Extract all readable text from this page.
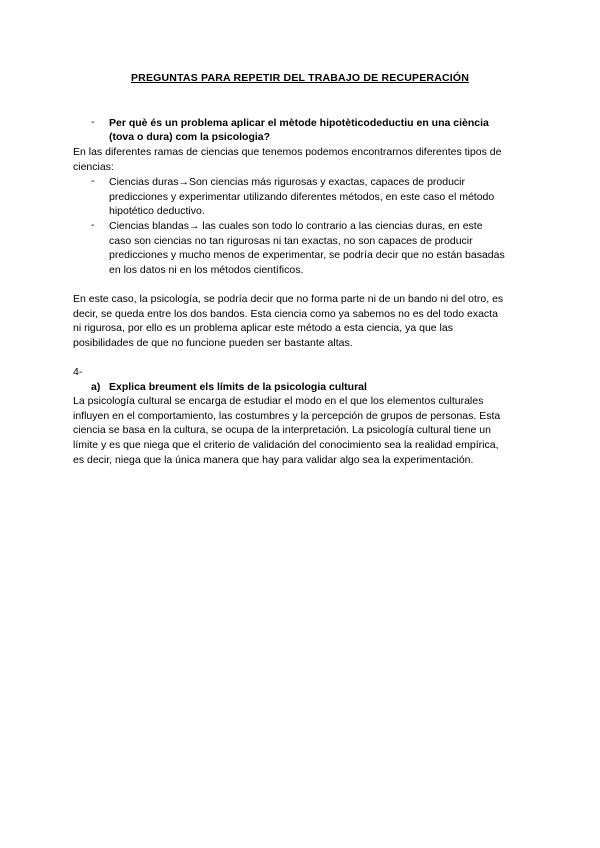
PREGUNTAS PARA REPETIR DEL TRABAJO DE RECUPERACIÓN
- Per què és un problema aplicar el mètode hipotèticodeductiu en una ciència
(tova o dura) com la psicologia?
En las diferentes ramas de ciencias que tenemos podemos encontrarnos diferentes tipos de
ciencias:
- Ciencias duras→Son ciencias más rigurosas y exactas, capaces de producir
predicciones y experimentar utilizando diferentes métodos, en este caso el método
hipotético deductivo.
- Ciencias blandas→ las cuales son todo lo contrario a las ciencias duras, en este
caso son ciencias no tan rigurosas ni tan exactas, no son capaces de producir
predicciones y mucho menos de experimentar, se podría decir que no están basadas
en los datos ni en los métodos científicos.
En este caso, la psicología, se podría decir que no forma parte ni de un bando ni del otro, es
decir, se queda entre los dos bandos. Esta ciencia como ya sabemos no es del todo exacta
ni rigurosa, por ello es un problema aplicar este método a esta ciencia, ya que las
posibilidades de que no funcione pueden ser bastante altas.
4-
a) Explica breument els límits de la psicologia cultural
La psicología cultural se encarga de estudiar el modo en el que los elementos culturales
influyen en el comportamiento, las costumbres y la percepción de grupos de personas. Esta
ciencia se basa en la cultura, se ocupa de la interpretación. La psicología cultural tiene un
límite y es que niega que el criterio de validación del conocimiento sea la realidad empírica,
es decir, niega que la única manera que hay para validar algo sea la experimentación.
